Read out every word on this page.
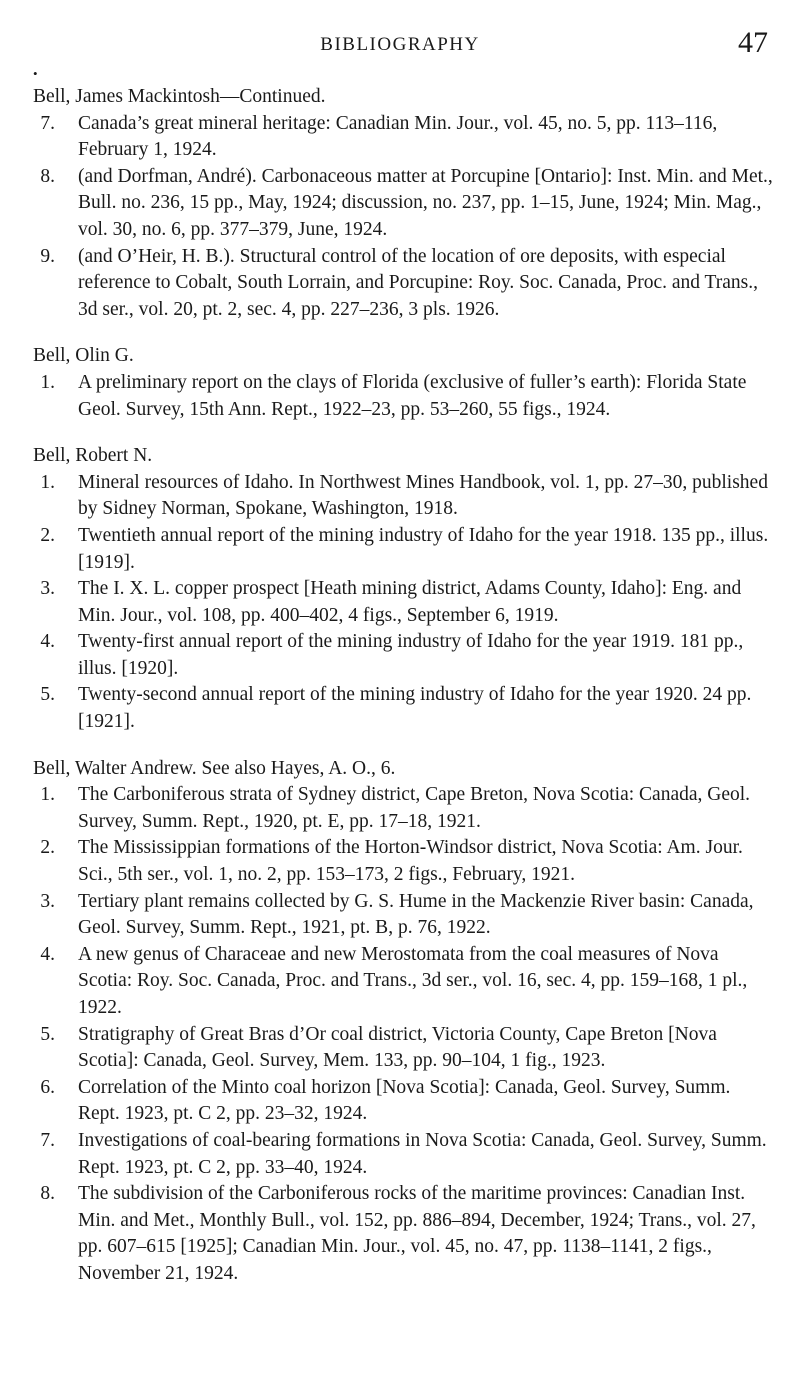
BIBLIOGRAPHY	47
•

Bell, James Mackintosh—Continued.

7. Canada’s great mineral heritage: Canadian Min. Jour., vol. 45, no. 5, pp. 113–116, February 1, 1924.
8. (and Dorfman, André). Carbonaceous matter at Porcupine [Ontario]: Inst. Min. and Met., Bull. no. 236, 15 pp., May, 1924; discussion, no. 237, pp. 1–15, June, 1924; Min. Mag., vol. 30, no. 6, pp. 377–379, June, 1924.
9. (and O’Heir, H. B.). Structural control of the location of ore deposits, with especial reference to Cobalt, South Lorrain, and Porcupine: Roy. Soc. Canada, Proc. and Trans., 3d ser., vol. 20, pt. 2, sec. 4, pp. 227–236, 3 pls. 1926.

Bell, Olin G.

1. A preliminary report on the clays of Florida (exclusive of fuller’s earth): Florida State Geol. Survey, 15th Ann. Rept., 1922–23, pp. 53–260, 55 figs., 1924.

Bell, Robert N.

1. Mineral resources of Idaho. In Northwest Mines Handbook, vol. 1, pp. 27–30, published by Sidney Norman, Spokane, Washington, 1918.
2. Twentieth annual report of the mining industry of Idaho for the year 1918. 135 pp., illus. [1919].
3. The I. X. L. copper prospect [Heath mining district, Adams County, Idaho]: Eng. and Min. Jour., vol. 108, pp. 400–402, 4 figs., September 6, 1919.
4. Twenty-first annual report of the mining industry of Idaho for the year 1919. 181 pp., illus. [1920].
5. Twenty-second annual report of the mining industry of Idaho for the year 1920. 24 pp. [1921].

Bell, Walter Andrew. See also Hayes, A. O., 6.

1. The Carboniferous strata of Sydney district, Cape Breton, Nova Scotia: Canada, Geol. Survey, Summ. Rept., 1920, pt. E, pp. 17–18, 1921.
2. The Mississippian formations of the Horton-Windsor district, Nova Scotia: Am. Jour. Sci., 5th ser., vol. 1, no. 2, pp. 153–173, 2 figs., February, 1921.
3. Tertiary plant remains collected by G. S. Hume in the Mackenzie River basin: Canada, Geol. Survey, Summ. Rept., 1921, pt. B, p. 76, 1922.
4. A new genus of Characeae and new Merostomata from the coal measures of Nova Scotia: Roy. Soc. Canada, Proc. and Trans., 3d ser., vol. 16, sec. 4, pp. 159–168, 1 pl., 1922.
5. Stratigraphy of Great Bras d’Or coal district, Victoria County, Cape Breton [Nova Scotia]: Canada, Geol. Survey, Mem. 133, pp. 90–104, 1 fig., 1923.
6. Correlation of the Minto coal horizon [Nova Scotia]: Canada, Geol. Survey, Summ. Rept. 1923, pt. C 2, pp. 23–32, 1924.
7. Investigations of coal-bearing formations in Nova Scotia: Canada, Geol. Survey, Summ. Rept. 1923, pt. C 2, pp. 33–40, 1924.
8. The subdivision of the Carboniferous rocks of the maritime provinces: Canadian Inst. Min. and Met., Monthly Bull., vol. 152, pp. 886–894, December, 1924; Trans., vol. 27, pp. 607–615 [1925]; Canadian Min. Jour., vol. 45, no. 47, pp. 1138–1141, 2 figs., November 21, 1924.
